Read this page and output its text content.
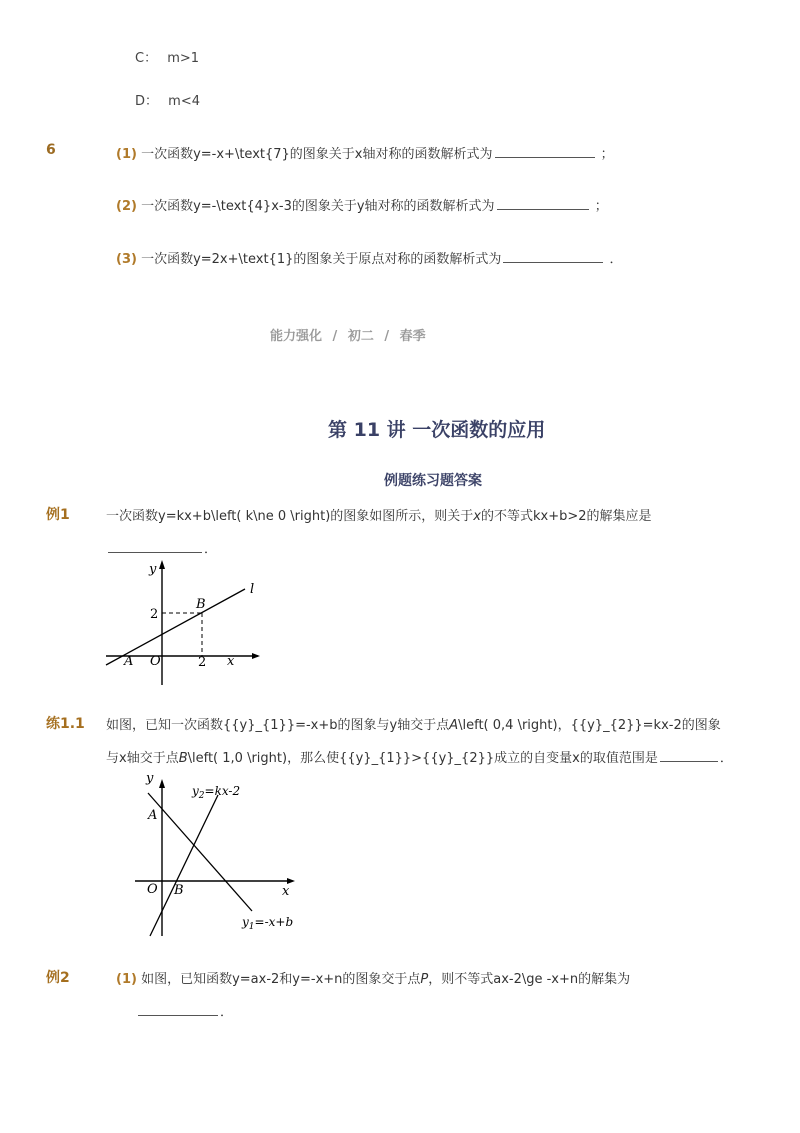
C： m>1
D： m<4
6	(1) 一次函数y=-x+\text{7}的图象关于x轴对称的函数解析式为	；
(2) 一次函数y=-\text{4}x-3的图象关于y轴对称的函数解析式为	；
(3) 一次函数y=2x+\text{1}的图象关于原点对称的函数解析式为	．
能力强化 / 初二 / 春季
第 11 讲 一次函数的应用
例题练习题答案
例1	一次函数y=kx+b\left( k\ne 0 \right)的图象如图所示，则关于x的不等式kx+b>2的解集应是
．
y
x
O
A
B
l
2
2
练1.1 如图，已知一次函数{{y}_{1}}=-x+b的图象与y轴交于点A\left( 0,4 \right)，{{y}_{2}}=kx-2的图象
与x轴交于点B\left( 1,0 \right)，那么使{{y}_{1}}>{{y}_{2}}成立的自变量x的取值范围是	．
y
x
O
A
B
$y_2=kx-2$
$y_1=-x+b$
例2	(1) 如图，已知函数y=ax-2和y=-x+n的图象交于点P，则不等式ax-2\ge -x+n的解集为
．
